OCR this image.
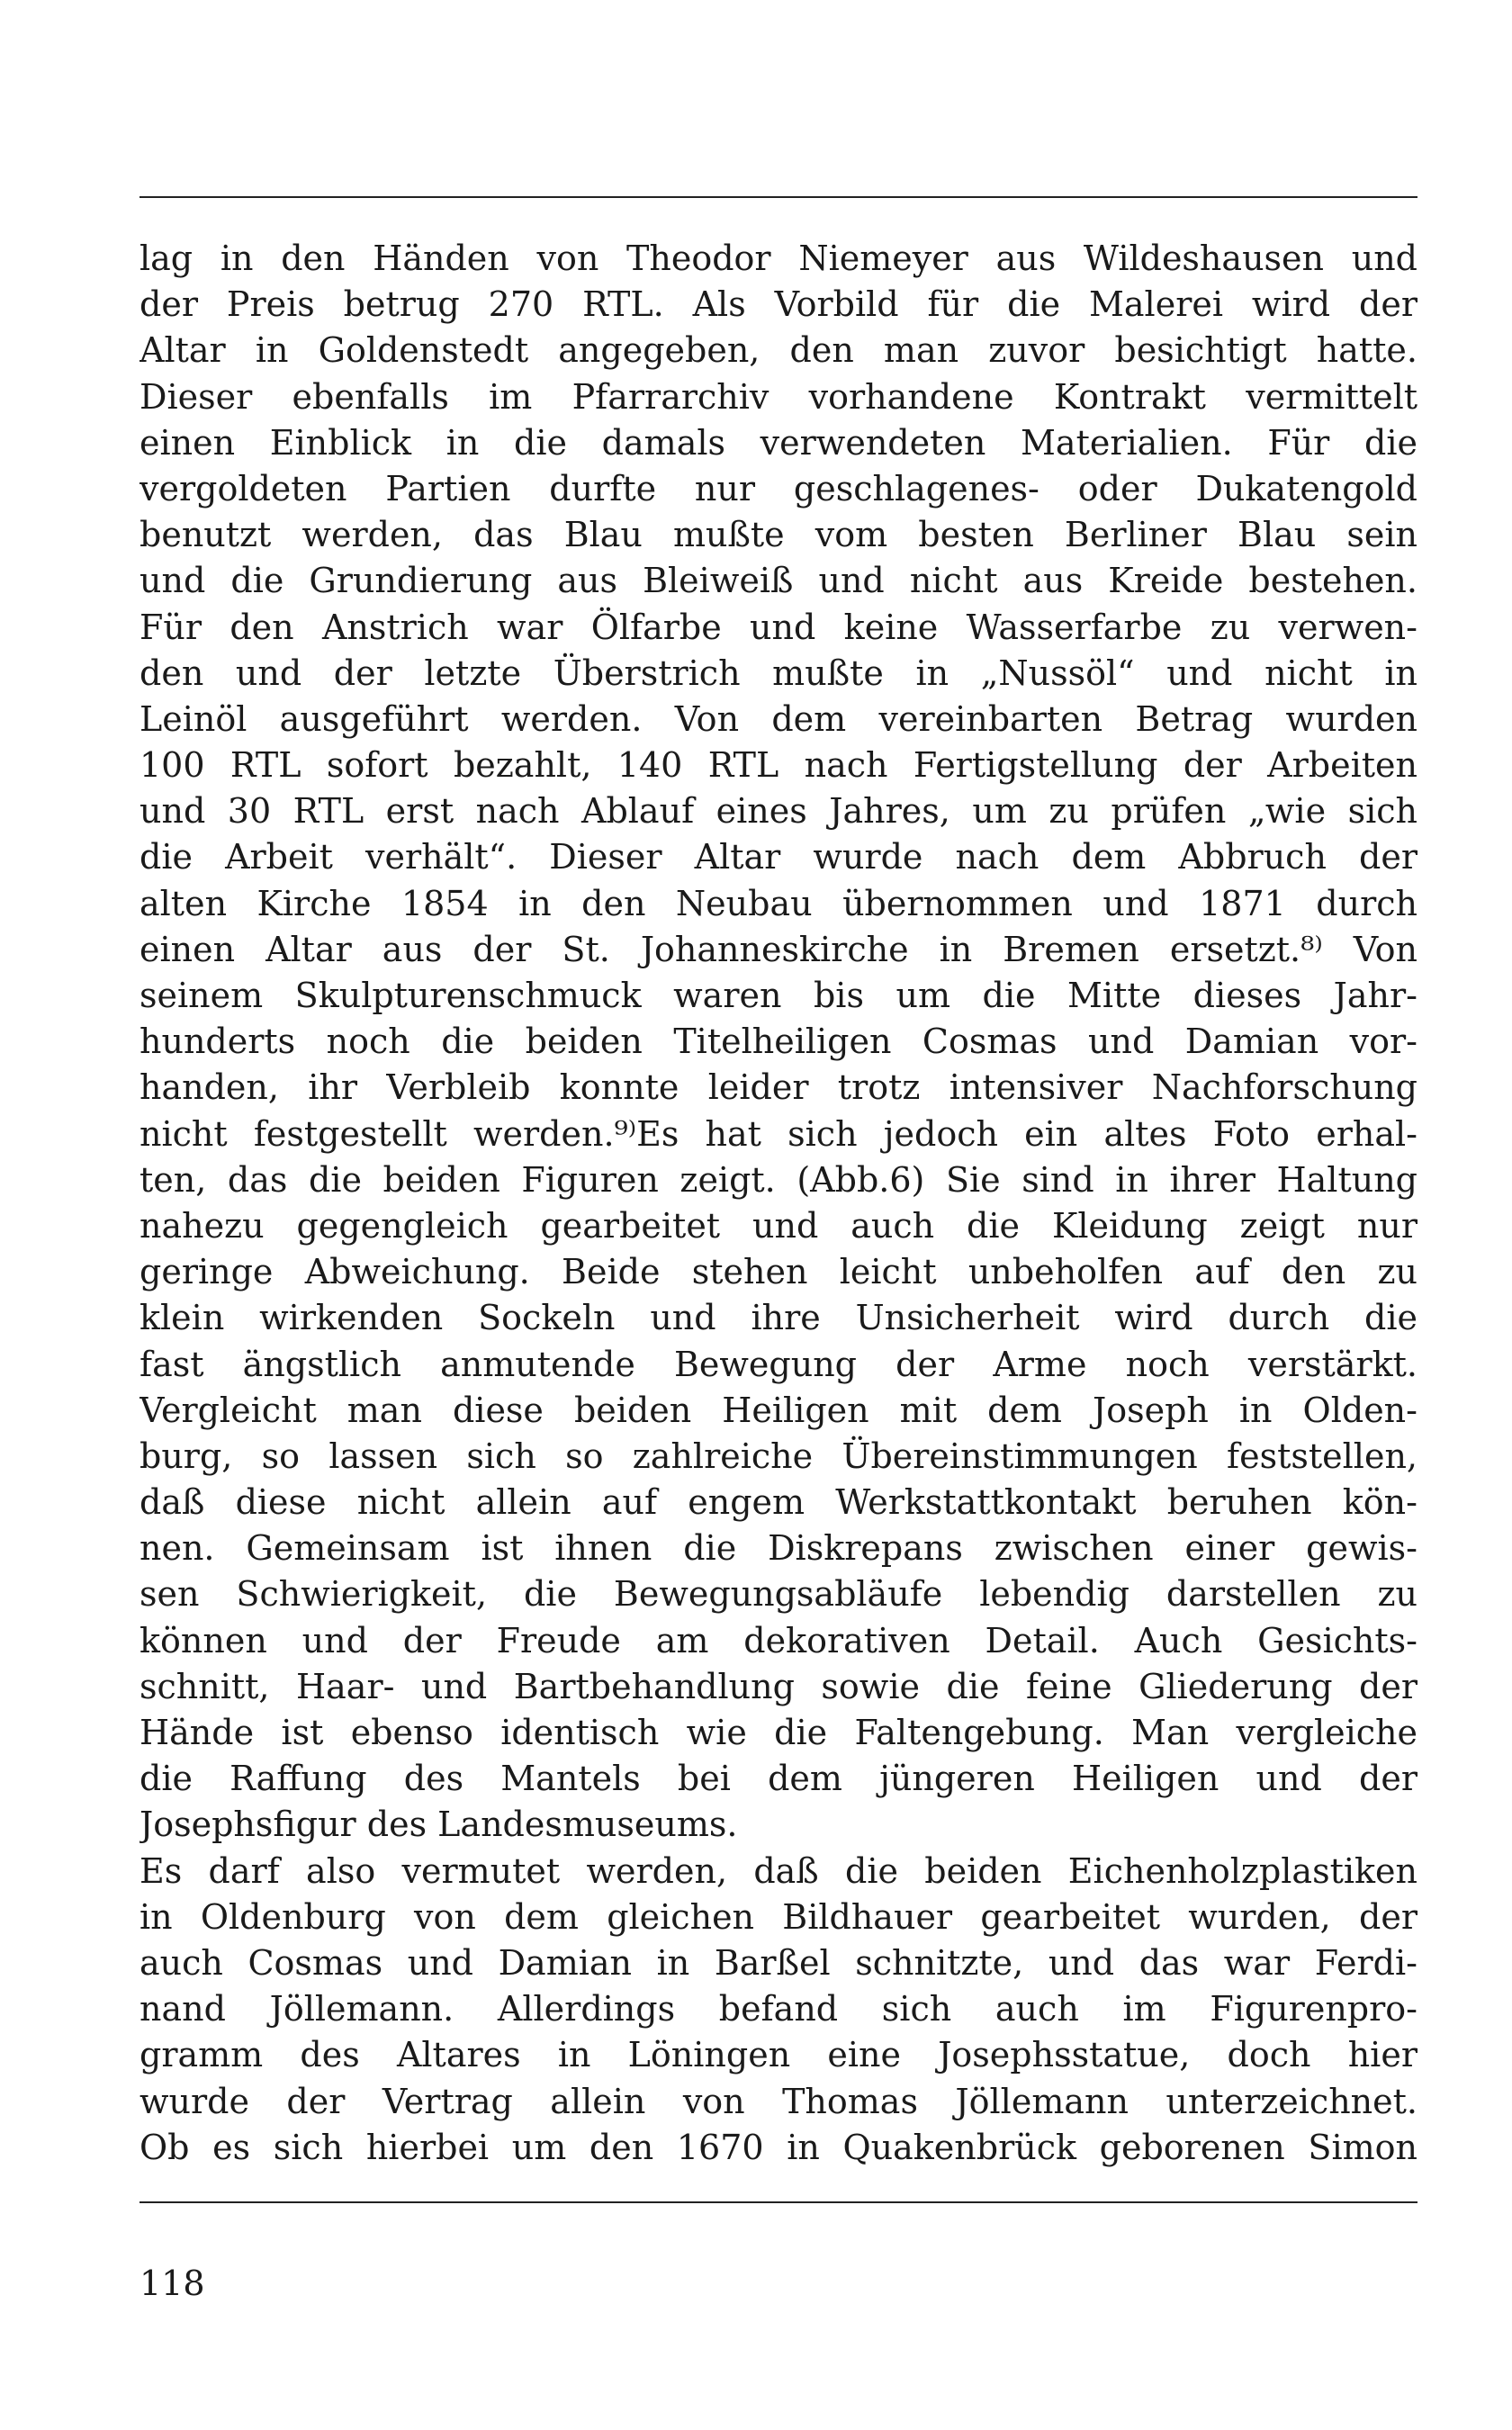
lag in den Händen von Theodor Niemeyer aus Wildeshausen und
der Preis betrug 270 RTL. Als Vorbild für die Malerei wird der
Altar in Goldenstedt angegeben, den man zuvor besichtigt hatte.
Dieser ebenfalls im Pfarrarchiv vorhandene Kontrakt vermittelt
einen Einblick in die damals verwendeten Materialien. Für die
vergoldeten Partien durfte nur geschlagenes- oder Dukatengold
benutzt werden, das Blau mußte vom besten Berliner Blau sein
und die Grundierung aus Bleiweiß und nicht aus Kreide bestehen.
Für den Anstrich war Ölfarbe und keine Wasserfarbe zu verwen-
den und der letzte Überstrich mußte in „Nussöl“ und nicht in
Leinöl ausgeführt werden. Von dem vereinbarten Betrag wurden
100 RTL sofort bezahlt, 140 RTL nach Fertigstellung der Arbeiten
und 30 RTL erst nach Ablauf eines Jahres, um zu prüfen „wie sich
die Arbeit verhält“. Dieser Altar wurde nach dem Abbruch der
alten Kirche 1854 in den Neubau übernommen und 1871 durch
einen Altar aus der St. Johanneskirche in Bremen ersetzt.⁸⁾ Von
seinem Skulpturenschmuck waren bis um die Mitte dieses Jahr-
hunderts noch die beiden Titelheiligen Cosmas und Damian vor-
handen, ihr Verbleib konnte leider trotz intensiver Nachforschung
nicht festgestellt werden.⁹⁾Es hat sich jedoch ein altes Foto erhal-
ten, das die beiden Figuren zeigt. (Abb.6) Sie sind in ihrer Haltung
nahezu gegengleich gearbeitet und auch die Kleidung zeigt nur
geringe Abweichung. Beide stehen leicht unbeholfen auf den zu
klein wirkenden Sockeln und ihre Unsicherheit wird durch die
fast ängstlich anmutende Bewegung der Arme noch verstärkt.
Vergleicht man diese beiden Heiligen mit dem Joseph in Olden-
burg, so lassen sich so zahlreiche Übereinstimmungen feststellen,
daß diese nicht allein auf engem Werkstattkontakt beruhen kön-
nen. Gemeinsam ist ihnen die Diskrepans zwischen einer gewis-
sen Schwierigkeit, die Bewegungsabläufe lebendig darstellen zu
können und der Freude am dekorativen Detail. Auch Gesichts-
schnitt, Haar- und Bartbehandlung sowie die feine Gliederung der
Hände ist ebenso identisch wie die Faltengebung. Man vergleiche
die Raffung des Mantels bei dem jüngeren Heiligen und der
Josephsfigur des Landesmuseums.
Es darf also vermutet werden, daß die beiden Eichenholzplastiken
in Oldenburg von dem gleichen Bildhauer gearbeitet wurden, der
auch Cosmas und Damian in Barßel schnitzte, und das war Ferdi-
nand Jöllemann. Allerdings befand sich auch im Figurenpro-
gramm des Altares in Löningen eine Josephsstatue, doch hier
wurde der Vertrag allein von Thomas Jöllemann unterzeichnet.
Ob es sich hierbei um den 1670 in Quakenbrück geborenen Simon
118
